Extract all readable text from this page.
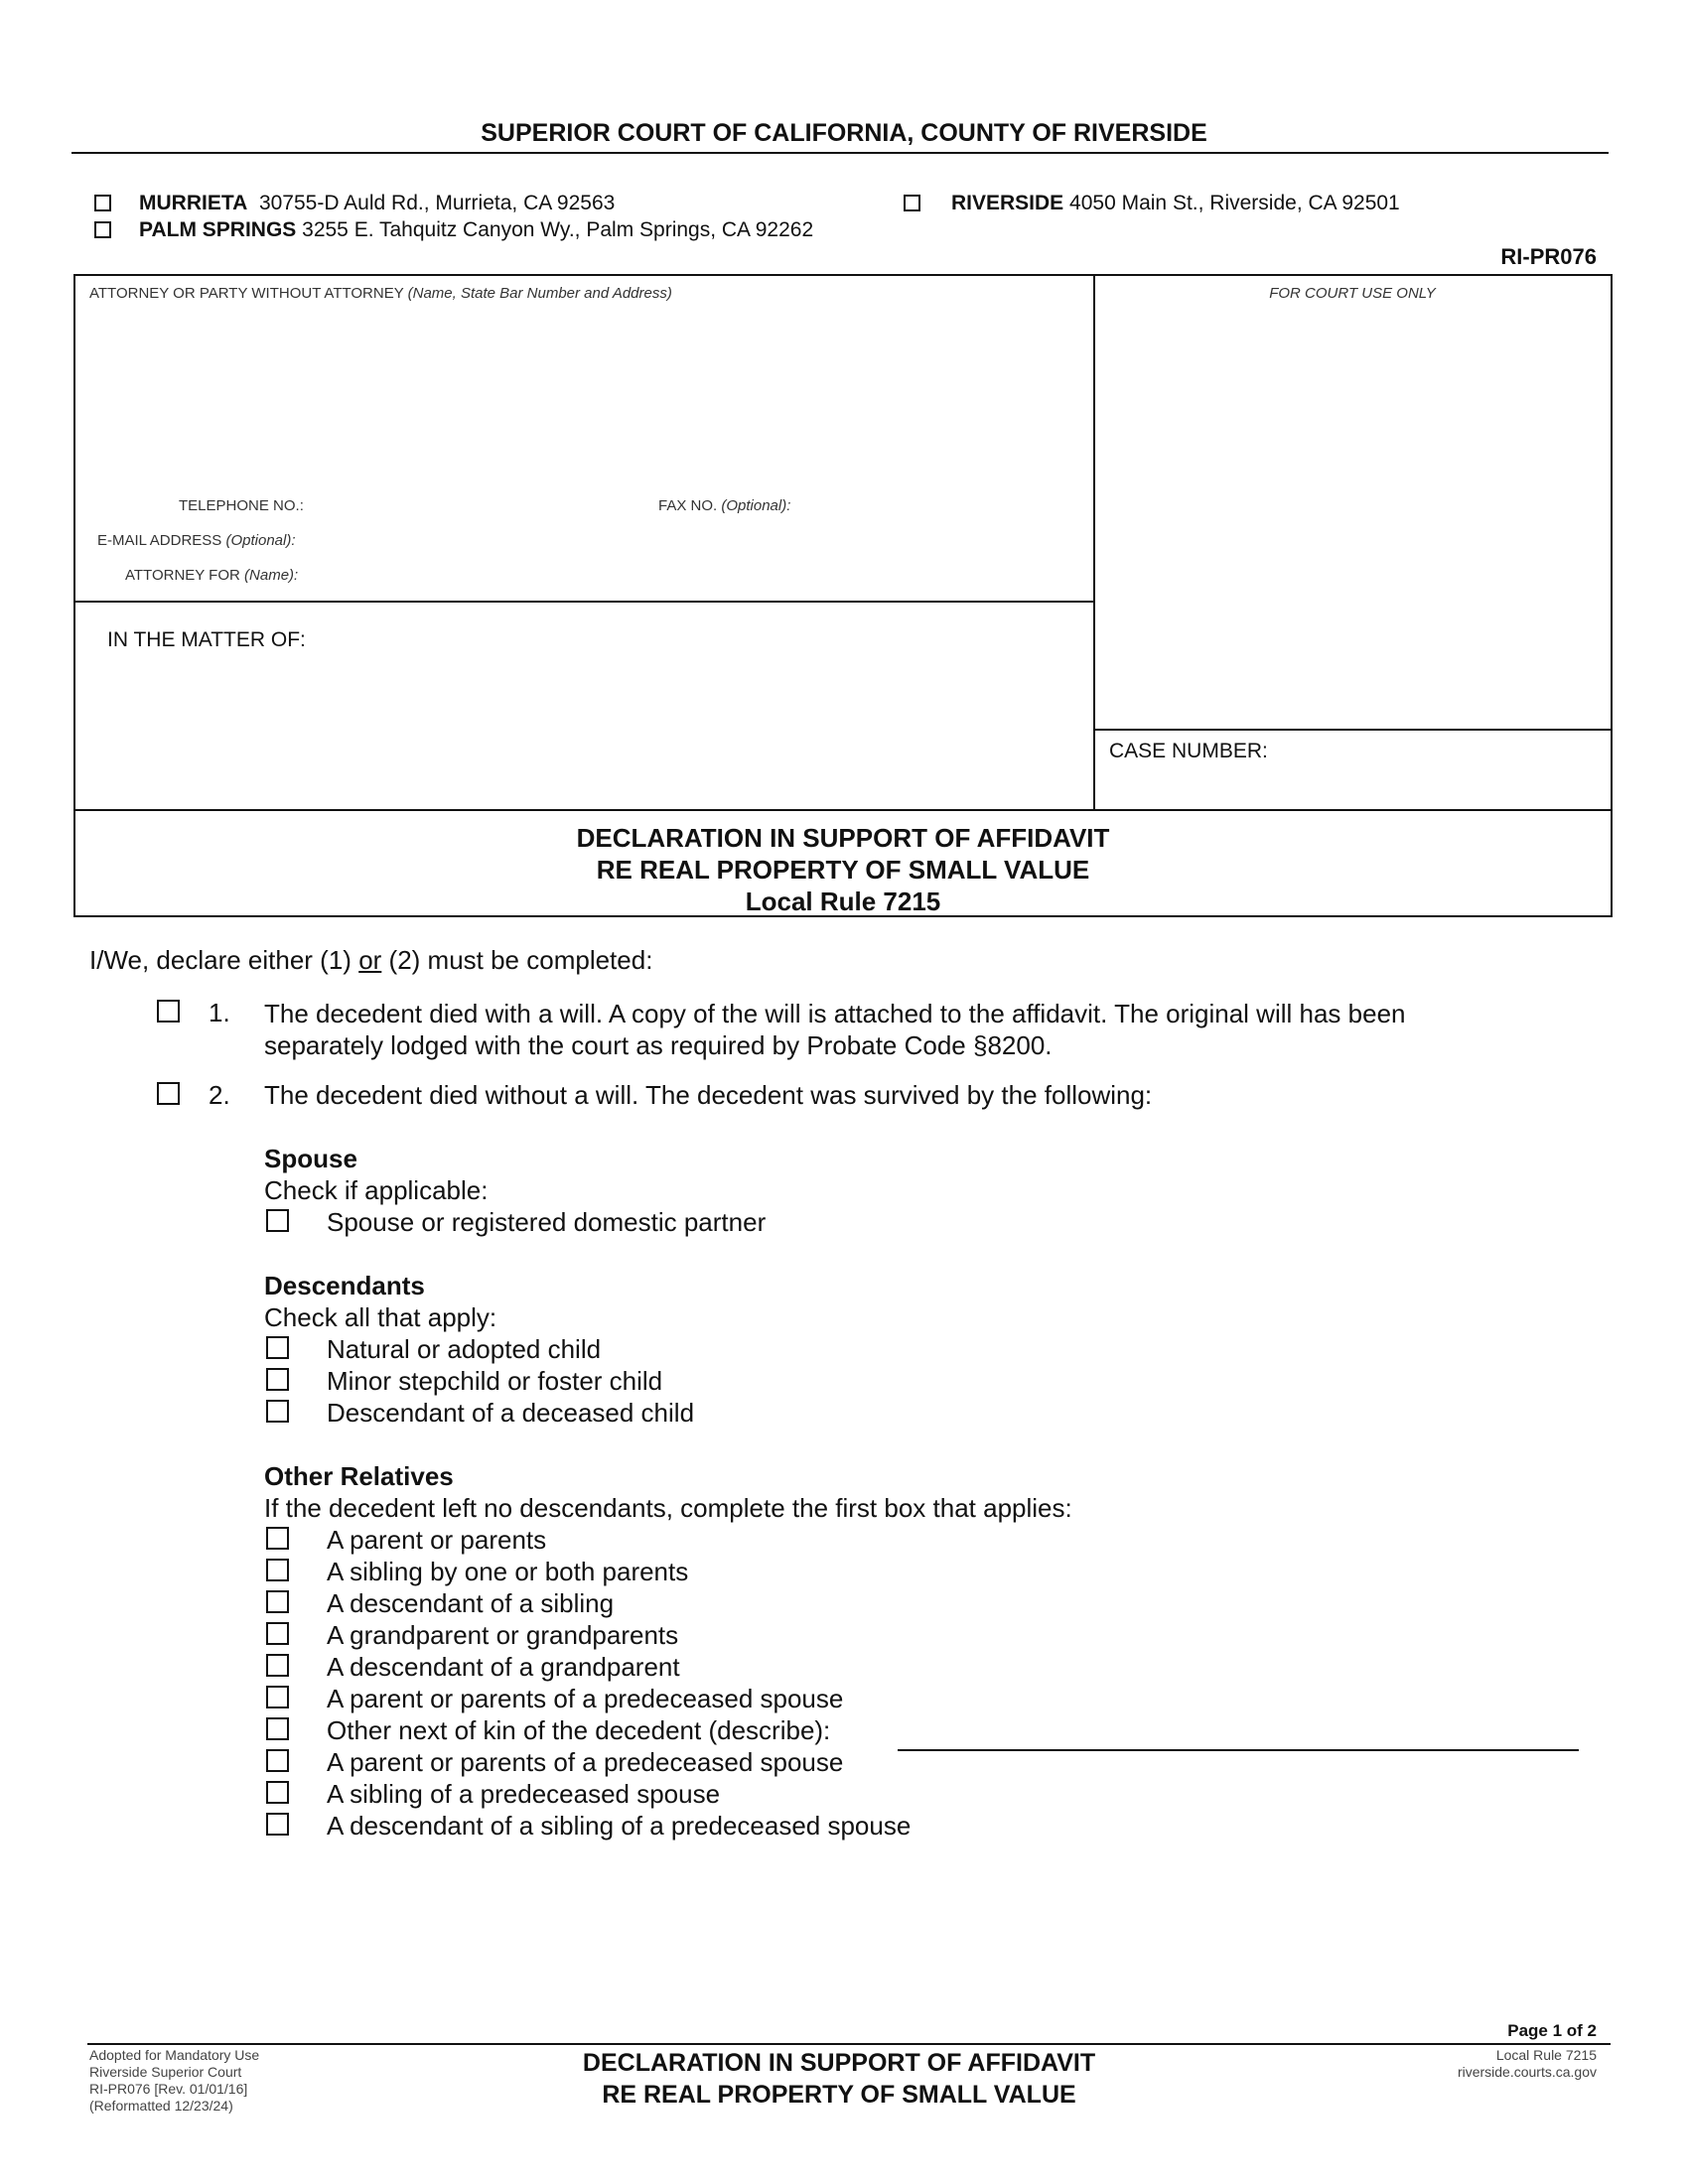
SUPERIOR COURT OF CALIFORNIA, COUNTY OF RIVERSIDE
MURRIETA 30755-D Auld Rd., Murrieta, CA 92563
PALM SPRINGS 3255 E. Tahquitz Canyon Wy., Palm Springs, CA 92262
RIVERSIDE 4050 Main St., Riverside, CA 92501
RI-PR076
ATTORNEY OR PARTY WITHOUT ATTORNEY (Name, State Bar Number and Address)
TELEPHONE NO.:	FAX NO. (Optional):
E-MAIL ADDRESS (Optional):
ATTORNEY FOR (Name):
FOR COURT USE ONLY
IN THE MATTER OF:
CASE NUMBER:
DECLARATION IN SUPPORT OF AFFIDAVIT
RE REAL PROPERTY OF SMALL VALUE
Local Rule 7215
I/We, declare either (1) or (2) must be completed:
1. The decedent died with a will. A copy of the will is attached to the affidavit. The original will has been
separately lodged with the court as required by Probate Code §8200.
2. The decedent died without a will. The decedent was survived by the following:
Spouse
Check if applicable:
Spouse or registered domestic partner
Descendants
Check all that apply:
Natural or adopted child
Minor stepchild or foster child
Descendant of a deceased child
Other Relatives
If the decedent left no descendants, complete the first box that applies:
A parent or parents
A sibling by one or both parents
A descendant of a sibling
A grandparent or grandparents
A descendant of a grandparent
A parent or parents of a predeceased spouse
Other next of kin of the decedent (describe):
A parent or parents of a predeceased spouse
A sibling of a predeceased spouse
A descendant of a sibling of a predeceased spouse
Page 1 of 2
Adopted for Mandatory Use
Riverside Superior Court
RI-PR076 [Rev. 01/01/16]
(Reformatted 12/23/24)
DECLARATION IN SUPPORT OF AFFIDAVIT
RE REAL PROPERTY OF SMALL VALUE
Local Rule 7215
riverside.courts.ca.gov
